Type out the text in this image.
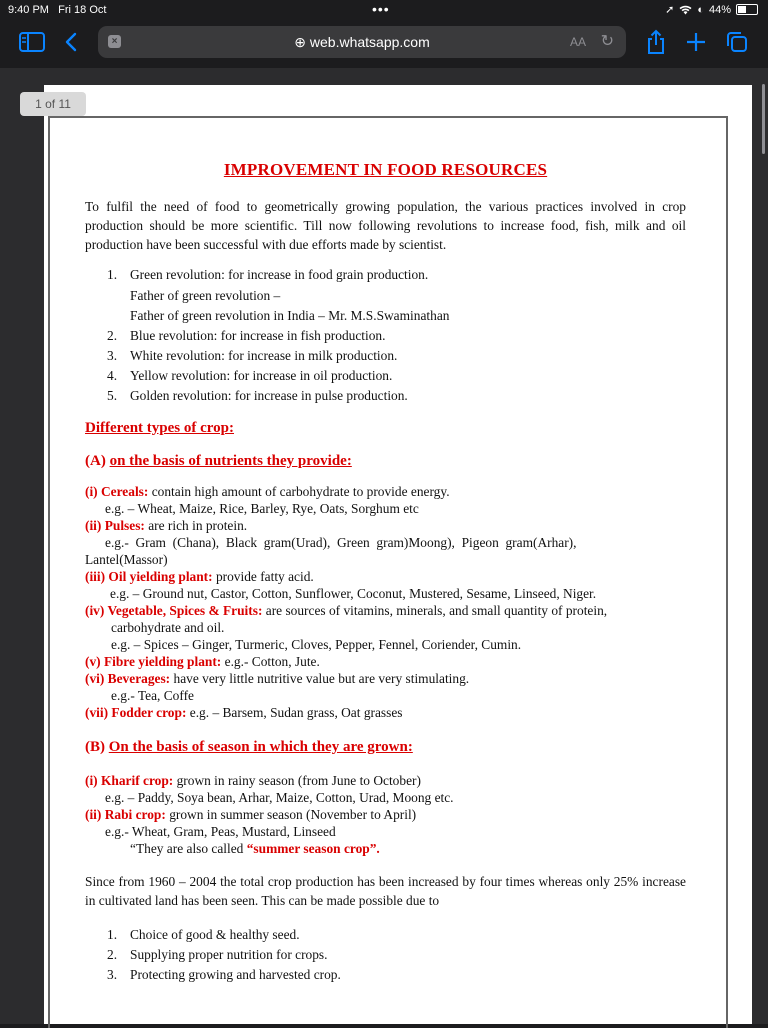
9:40 PM Fri 18 Oct	•••	➚ ◐ 44%
×	⊕ web.whatsapp.com	AA ↻
1 of 11

IMPROVEMENT IN FOOD RESOURCES

To fulfil the need of food to geometrically growing population, the various practices involved in crop production should be more scientific. Till now following revolutions to increase food, fish, milk and oil production have been successful with due efforts made by scientist.

1. Green revolution: for increase in food grain production.
Father of green revolution –
Father of green revolution in India – Mr. M.S.Swaminathan
2. Blue revolution: for increase in fish production.
3. White revolution: for increase in milk production.
4. Yellow revolution: for increase in oil production.
5. Golden revolution: for increase in pulse production.

Different types of crop:

(A) on the basis of nutrients they provide:

(i) Cereals: contain high amount of carbohydrate to provide energy.

e.g. – Wheat, Maize, Rice, Barley, Rye, Oats, Sorghum etc

(ii) Pulses: are rich in protein.

e.g.-  Gram  (Chana),  Black  gram(Urad),  Green  gram)Moong),  Pigeon  gram(Arhar),

Lantel(Massor)

(iii) Oil yielding plant: provide fatty acid.

e.g. – Ground nut, Castor, Cotton, Sunflower, Coconut, Mustered, Sesame, Linseed, Niger.

(iv) Vegetable, Spices & Fruits: are sources of vitamins, minerals, and small quantity of protein,

carbohydrate and oil.

e.g. – Spices – Ginger, Turmeric, Cloves, Pepper, Fennel, Coriender, Cumin.

(v) Fibre yielding plant: e.g.- Cotton, Jute.

(vi) Beverages: have very little nutritive value but are very stimulating.

e.g.- Tea, Coffe

(vii) Fodder crop: e.g. – Barsem, Sudan grass, Oat grasses

(B) On the basis of season in which they are grown:

(i) Kharif crop: grown in rainy season (from June to October)

e.g. – Paddy, Soya bean, Arhar, Maize, Cotton, Urad, Moong etc.

(ii) Rabi crop: grown in summer season (November to April)

e.g.- Wheat, Gram, Peas, Mustard, Linseed

“They are also called “summer season crop”.

Since from 1960 – 2004 the total crop production has been increased by four times whereas only 25% increase in cultivated land has been seen. This can be made possible due to

1. Choice of good & healthy seed.
2. Supplying proper nutrition for crops.
3. Protecting growing and harvested crop.
